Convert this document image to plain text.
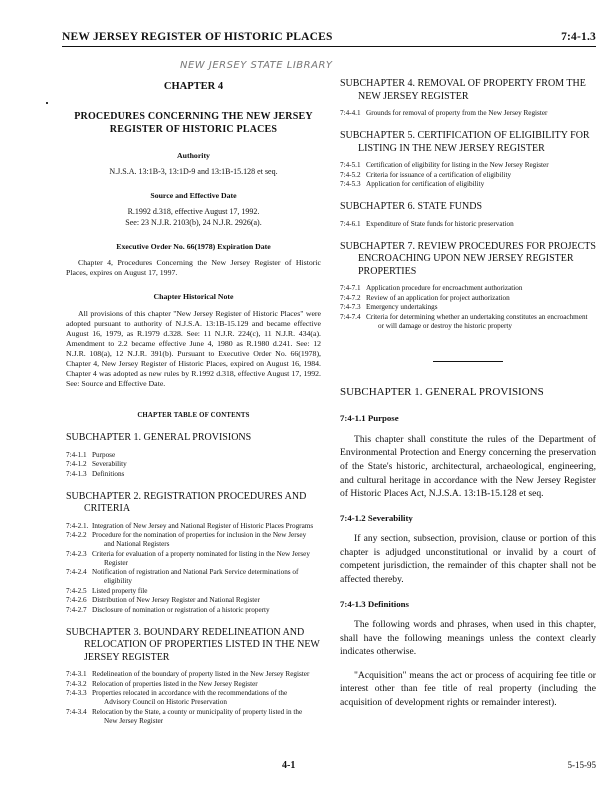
NEW JERSEY REGISTER OF HISTORIC PLACES	7:4-1.3
NEW JERSEY STATE LIBRARY
CHAPTER 4
PROCEDURES CONCERNING THE NEW JERSEY REGISTER OF HISTORIC PLACES
Authority
N.J.S.A. 13:1B-3, 13:1D-9 and 13:1B-15.128 et seq.
Source and Effective Date
R.1992 d.318, effective August 17, 1992.
See: 23 N.J.R. 2103(b), 24 N.J.R. 2926(a).
Executive Order No. 66(1978) Expiration Date
Chapter 4, Procedures Concerning the New Jersey Register of Historic Places, expires on August 17, 1997.
Chapter Historical Note
All provisions of this chapter "New Jersey Register of Historic Places" were adopted pursuant to authority of N.J.S.A. 13:1B-15.129 and became effective August 16, 1979, as R.1979 d.328. See: 11 N.J.R. 224(c), 11 N.J.R. 434(a). Amendment to 2.2 became effective June 4, 1980 as R.1980 d.241. See: 12 N.J.R. 108(a), 12 N.J.R. 391(b). Pursuant to Executive Order No. 66(1978), Chapter 4, New Jersey Register of Historic Places, expired on August 16, 1984. Chapter 4 was adopted as new rules by R.1992 d.318, effective August 17, 1992. See: Source and Effective Date.
CHAPTER TABLE OF CONTENTS
SUBCHAPTER 1. GENERAL PROVISIONS
7:4-1.1 Purpose
7:4-1.2 Severability
7:4-1.3 Definitions
SUBCHAPTER 2. REGISTRATION PROCEDURES AND CRITERIA
7:4-2.1. Integration of New Jersey and National Register of Historic Places Programs
7:4-2.2 Procedure for the nomination of properties for inclusion in the New Jersey and National Registers
7:4-2.3 Criteria for evaluation of a property nominated for listing in the New Jersey Register
7:4-2.4 Notification of registration and National Park Service determinations of eligibility
7:4-2.5 Listed property file
7:4-2.6 Distribution of New Jersey Register and National Register
7:4-2.7 Disclosure of nomination or registration of a historic property
SUBCHAPTER 3. BOUNDARY REDELINEATION AND RELOCATION OF PROPERTIES LISTED IN THE NEW JERSEY REGISTER
7:4-3.1 Redelineation of the boundary of property listed in the New Jersey Register
7:4-3.2 Relocation of properties listed in the New Jersey Register
7:4-3.3 Properties relocated in accordance with the recommendations of the Advisory Council on Historic Preservation
7:4-3.4 Relocation by the State, a county or municipality of property listed in the New Jersey Register
SUBCHAPTER 4. REMOVAL OF PROPERTY FROM THE NEW JERSEY REGISTER
7:4-4.1 Grounds for removal of property from the New Jersey Register
SUBCHAPTER 5. CERTIFICATION OF ELIGIBILITY FOR LISTING IN THE NEW JERSEY REGISTER
7:4-5.1 Certification of eligibility for listing in the New Jersey Register
7:4-5.2 Criteria for issuance of a certification of eligibility
7:4-5.3 Application for certification of eligibility
SUBCHAPTER 6. STATE FUNDS
7:4-6.1 Expenditure of State funds for historic preservation
SUBCHAPTER 7. REVIEW PROCEDURES FOR PROJECTS ENCROACHING UPON NEW JERSEY REGISTER PROPERTIES
7:4-7.1 Application procedure for encroachment authorization
7:4-7.2 Review of an application for project authorization
7:4-7.3 Emergency undertakings
7:4-7.4 Criteria for determining whether an undertaking constitutes an encroachment or will damage or destroy the historic property
SUBCHAPTER 1. GENERAL PROVISIONS
7:4-1.1 Purpose
This chapter shall constitute the rules of the Department of Environmental Protection and Energy concerning the preservation of the State's historic, architectural, archaeological, engineering, and cultural heritage in accordance with the New Jersey Register of Historic Places Act, N.J.S.A. 13:1B-15.128 et seq.
7:4-1.2 Severability
If any section, subsection, provision, clause or portion of this chapter is adjudged unconstitutional or invalid by a court of competent jurisdiction, the remainder of this chapter shall not be affected thereby.
7:4-1.3 Definitions
The following words and phrases, when used in this chapter, shall have the following meanings unless the context clearly indicates otherwise.
"Acquisition" means the act or process of acquiring fee title or interest other than fee title of real property (including the acquisition of development rights or remainder interest).
4-1	5-15-95
